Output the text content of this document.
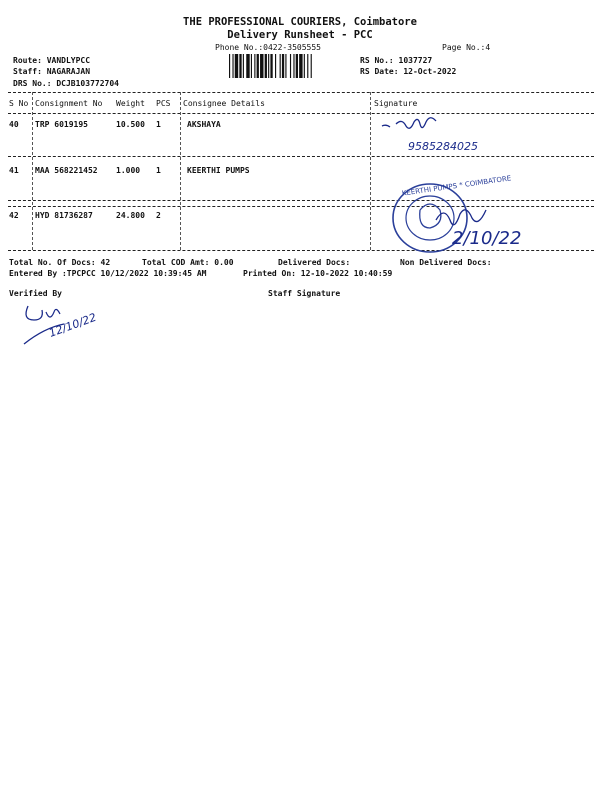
THE PROFESSIONAL COURIERS, Coimbatore
Delivery Runsheet - PCC
Phone No.:0422-3505555	Page No.:4
Route: VANDLYPCC
Staff: NAGARAJAN
DRS No.: DCJB103772704
RS No.: 1037727
RS Date: 12-Oct-2022
S No Consignment No Weight PCS Consignee Details	Signature
40 TRP 6019195	10.500 1	AKSHAYA
41 MAA 568221452 1.000 1	KEERTHI PUMPS
42 HYD 81736287	24.800 2
9585284025
KEERTHI PUMPS * COIMBATORE
2/10/22
Total No. Of Docs: 42	Total COD Amt: 0.00	Delivered Docs:	Non Delivered Docs:
Entered By :TPCPCC 10/12/2022 10:39:45 AM	Printed On: 12-10-2022 10:40:59
Verified By	Staff Signature
12/10/22
